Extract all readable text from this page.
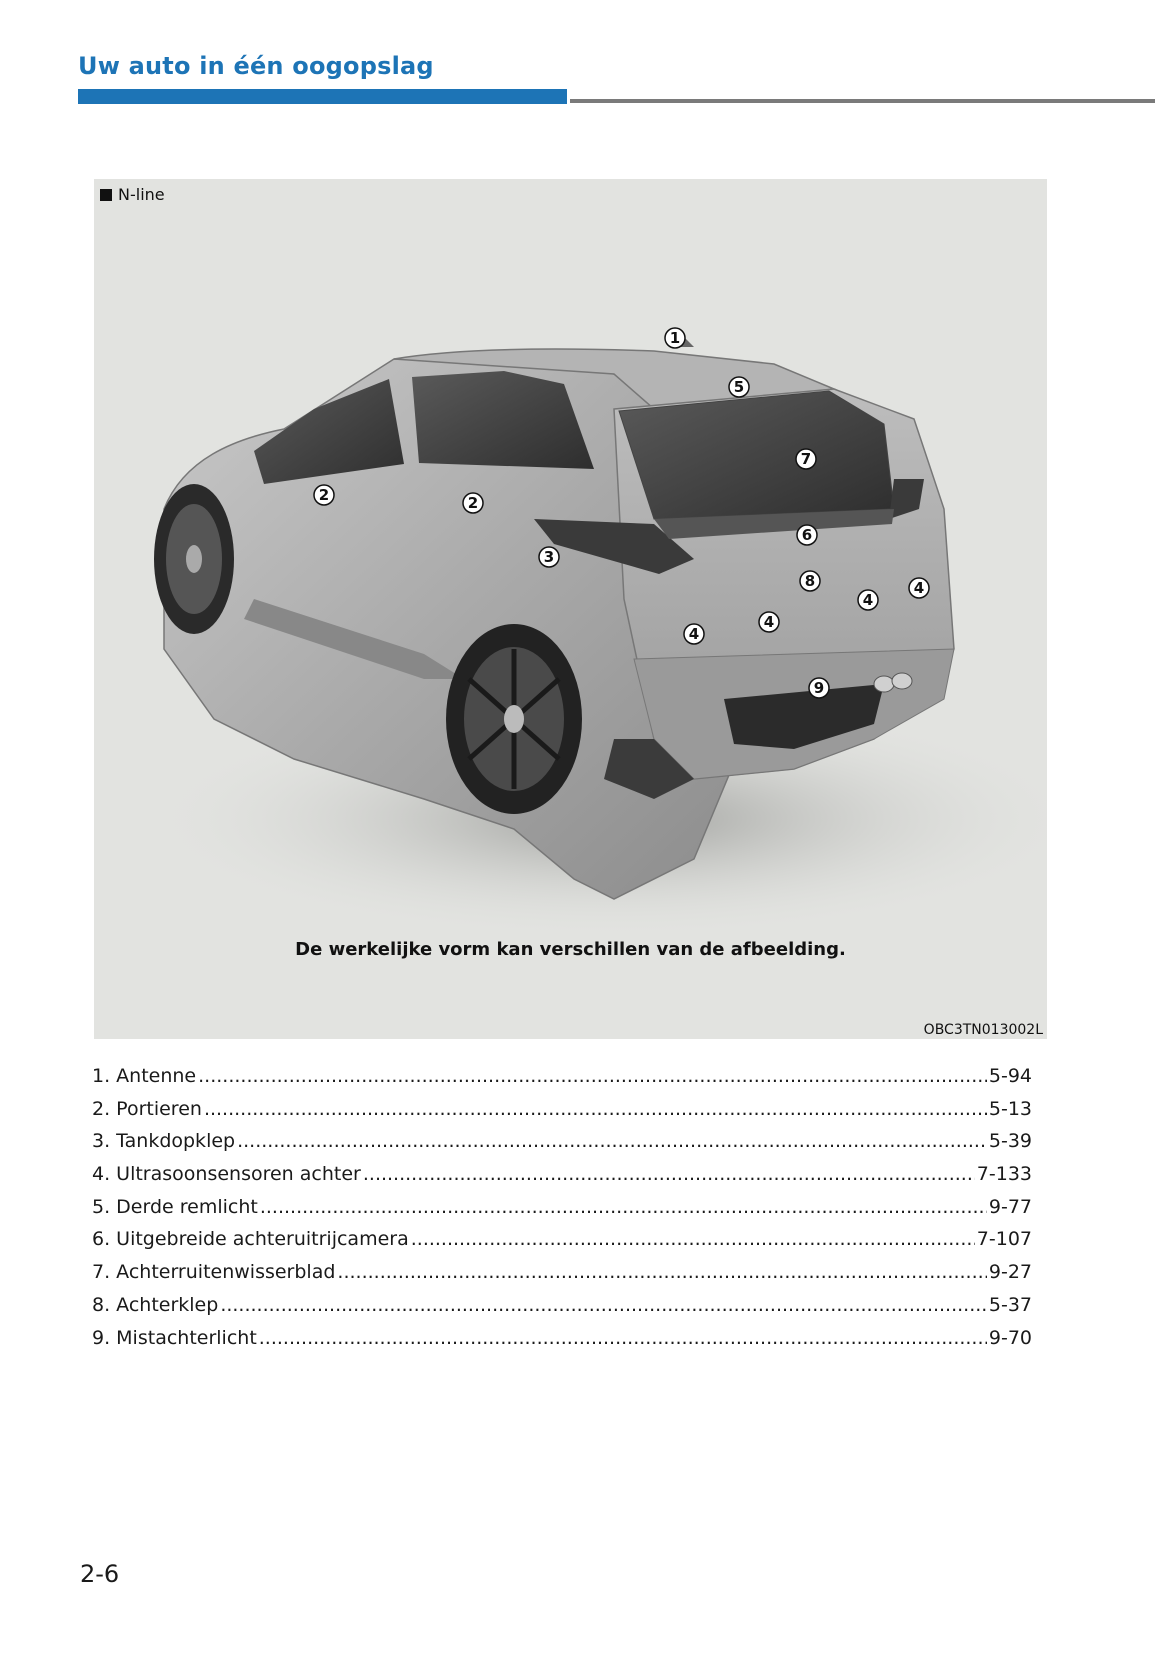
Uw auto in één oogopslag
N-line
1
5
7
2	2
6
3
8	4
4
4
4
9
De werkelijke vorm kan verschillen van de afbeelding.
OBC3TN013002L
1. Antenne .....	5-94
2. Portieren .....	5-13
3. Tankdopklep .....	5-39
4. Ultrasoonsensoren achter .....	7-133
5. Derde remlicht .....	9-77
6. Uitgebreide achteruitrijcamera .....	7-107
7. Achterruitenwisserblad .....	9-27
8. Achterklep .....	5-37
9. Mistachterlicht .....	9-70
2-6
